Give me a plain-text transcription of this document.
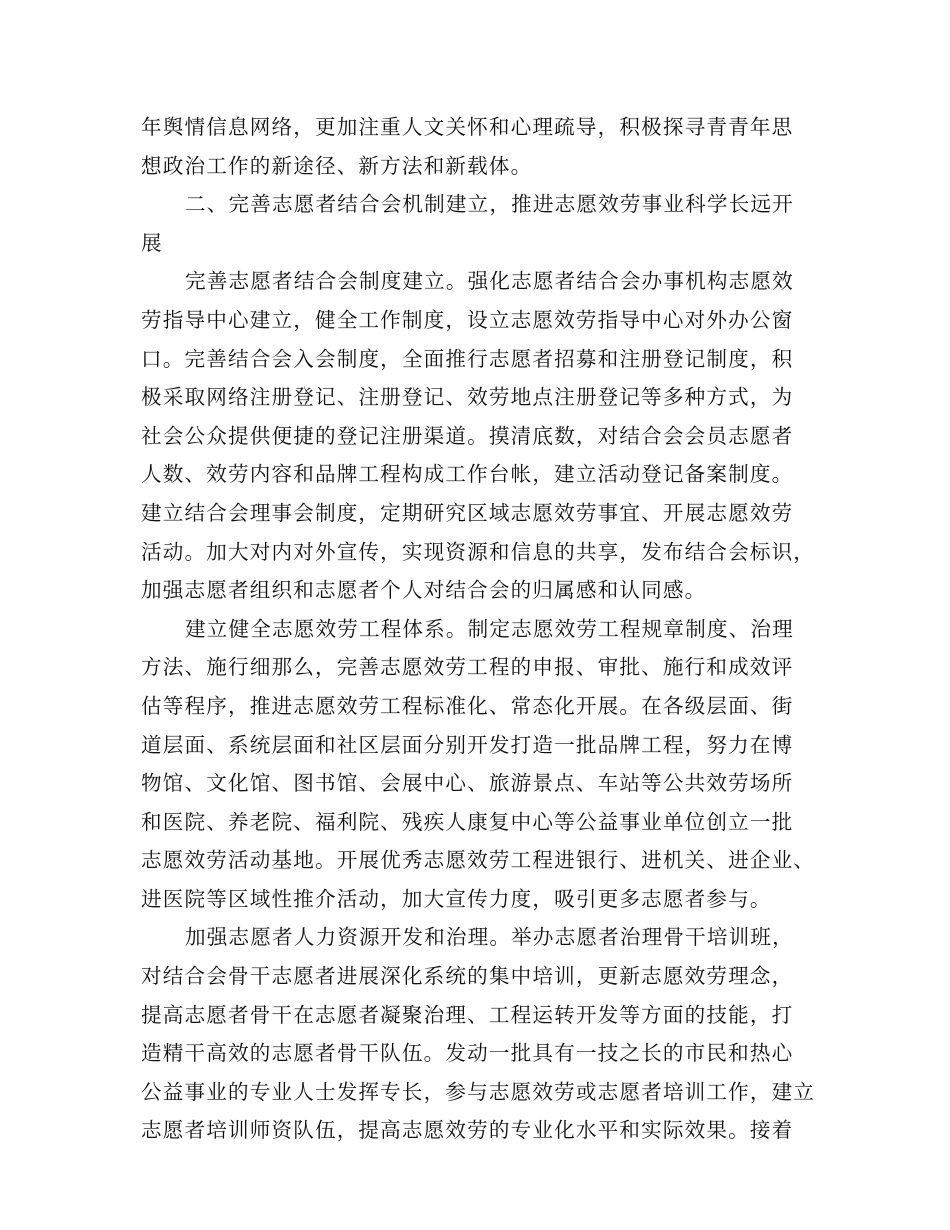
年舆情信息网络，更加注重人文关怀和心理疏导，积极探寻青青年思
想政治工作的新途径、新方法和新载体。
二、完善志愿者结合会机制建立，推进志愿效劳事业科学长远开
展
完善志愿者结合会制度建立。强化志愿者结合会办事机构志愿效
劳指导中心建立，健全工作制度，设立志愿效劳指导中心对外办公窗
口。完善结合会入会制度，全面推行志愿者招募和注册登记制度，积
极采取网络注册登记、注册登记、效劳地点注册登记等多种方式，为
社会公众提供便捷的登记注册渠道。摸清底数，对结合会会员志愿者
人数、效劳内容和品牌工程构成工作台帐，建立活动登记备案制度。
建立结合会理事会制度，定期研究区域志愿效劳事宜、开展志愿效劳
活动。加大对内对外宣传，实现资源和信息的共享，发布结合会标识，
加强志愿者组织和志愿者个人对结合会的归属感和认同感。
建立健全志愿效劳工程体系。制定志愿效劳工程规章制度、治理
方法、施行细那么，完善志愿效劳工程的申报、审批、施行和成效评
估等程序，推进志愿效劳工程标准化、常态化开展。在各级层面、街
道层面、系统层面和社区层面分别开发打造一批品牌工程，努力在博
物馆、文化馆、图书馆、会展中心、旅游景点、车站等公共效劳场所
和医院、养老院、福利院、残疾人康复中心等公益事业单位创立一批
志愿效劳活动基地。开展优秀志愿效劳工程进银行、进机关、进企业、
进医院等区域性推介活动，加大宣传力度，吸引更多志愿者参与。
加强志愿者人力资源开发和治理。举办志愿者治理骨干培训班，
对结合会骨干志愿者进展深化系统的集中培训，更新志愿效劳理念，
提高志愿者骨干在志愿者凝聚治理、工程运转开发等方面的技能，打
造精干高效的志愿者骨干队伍。发动一批具有一技之长的市民和热心
公益事业的专业人士发挥专长，参与志愿效劳或志愿者培训工作，建立
志愿者培训师资队伍，提高志愿效劳的专业化水平和实际效果。接着
